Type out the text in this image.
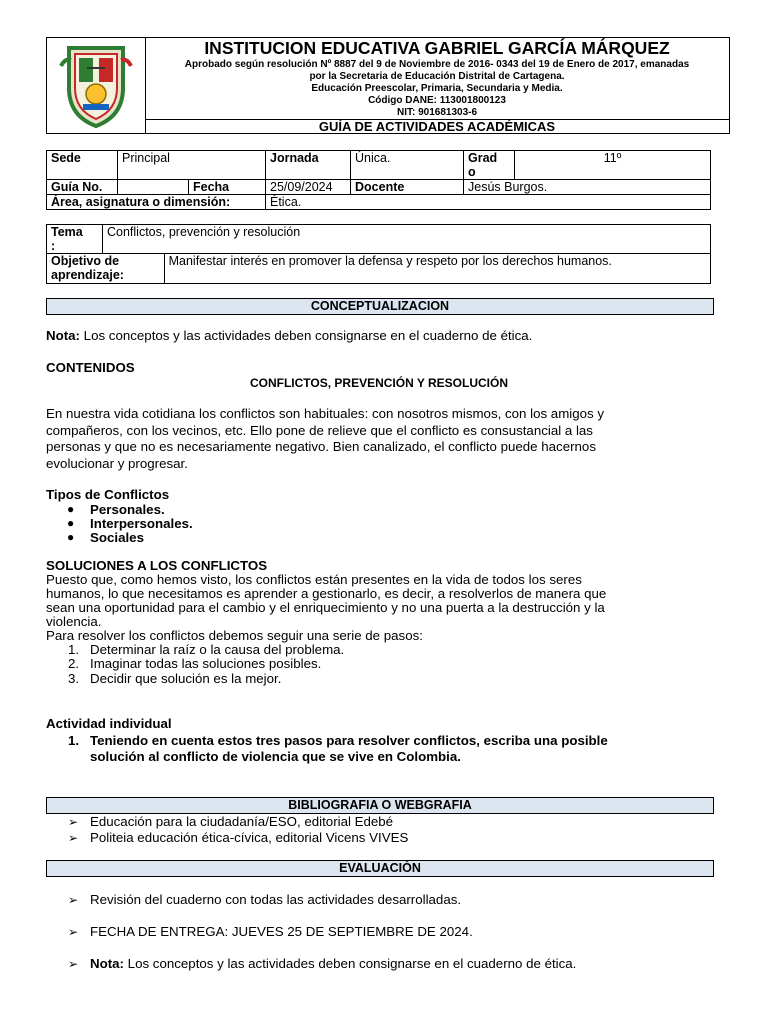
INSTITUCION EDUCATIVA GABRIEL GARCÍA MÁRQUEZ
Aprobado según resolución Nº 8887 del 9 de Noviembre de 2016- 0343 del 19 de Enero de 2017, emanadas
por la Secretaria de Educación Distrital de Cartagena.
Educación Preescolar, Primaria, Secundaria y Media.
Código DANE: 113001800123
NIT: 901681303-6
GUÍA DE ACTIVIDADES ACADÉMICAS
Sede	Principal		Jornada	Única.	Grad
o	11º
Guía No.		Fecha	25/09/2024	Docente	Jesús Burgos.	
Área, asignatura o dimensión:			Ética.			
Tema
:	Conflictos, prevención y resolución	
Objetivo de
aprendizaje:		Manifestar interés en promover la defensa y respeto por los derechos humanos.
CONCEPTUALIZACION
Nota: Los conceptos y las actividades deben consignarse en el cuaderno de ética.
CONTENIDOS
CONFLICTOS, PREVENCIÓN Y RESOLUCIÓN
En nuestra vida cotidiana los conflictos son habituales: con nosotros mismos, con los amigos y
compañeros, con los vecinos, etc. Ello pone de relieve que el conflicto es consustancial a las
personas y que no es necesariamente negativo. Bien canalizado, el conflicto puede hacernos
evolucionar y progresar.
Tipos de Conflictos
● Personales.
● Interpersonales.
● Sociales
SOLUCIONES A LOS CONFLICTOS
Puesto que, como hemos visto, los conflictos están presentes en la vida de todos los seres
humanos, lo que necesitamos es aprender a gestionarlo, es decir, a resolverlos de manera que
sean una oportunidad para el cambio y el enriquecimiento y no una puerta a la destrucción y la
violencia.
Para resolver los conflictos debemos seguir una serie de pasos:
1. Determinar la raíz o la causa del problema.
2. Imaginar todas las soluciones posibles.
3. Decidir que solución es la mejor.
Actividad individual
1. Teniendo en cuenta estos tres pasos para resolver conflictos, escriba una posible
solución al conflicto de violencia que se vive en Colombia.
BIBLIOGRAFIA O WEBGRAFIA
➢ Educación para la ciudadanía/ESO, editorial Edebé
➢ Politeia educación ética-cívica, editorial Vicens VIVES
EVALUACIÓN
➢ Revisión del cuaderno con todas las actividades desarrolladas.
➢ FECHA DE ENTREGA: JUEVES 25 DE SEPTIEMBRE DE 2024.
➢ Nota: Los conceptos y las actividades deben consignarse en el cuaderno de ética.
